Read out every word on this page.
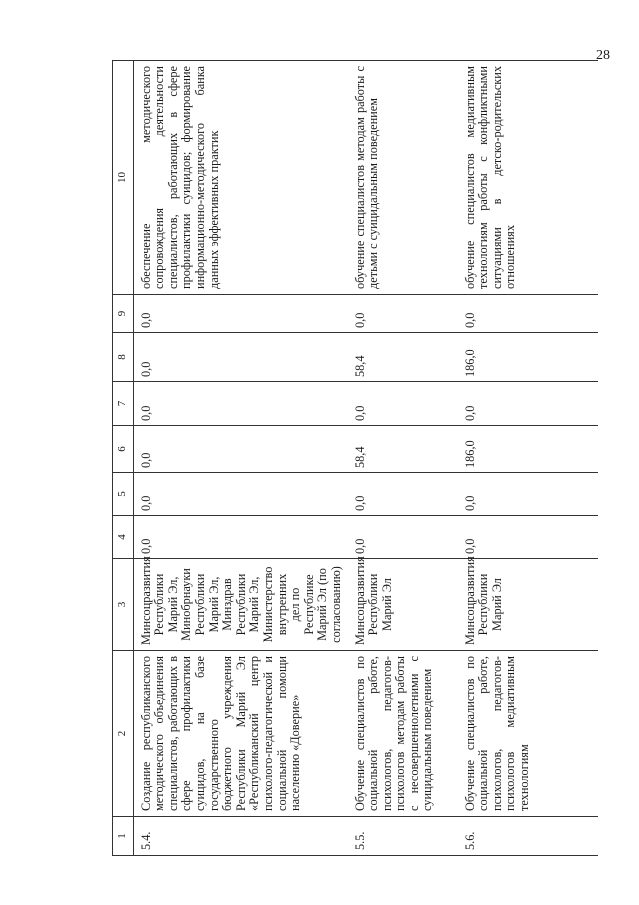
28
1	2	3	4	5	6	7	8	9	10
5.4.	Создание республиканского методического объединения специалистов, работающих в сфере профилактики суицидов, на базе государственного бюджетного учреждения Республики Марий Эл «Республиканский центр психолого-педагогической и социальной помощи населению «Доверие»	Минсоцразвития Республики Марий Эл, Минобрнауки Республики Марий Эл, Минздрав Республики Марий Эл, Министерство внутренних дел по Республике Марий Эл (по согласованию)	0,0	0,0	0,0	0,0	0,0	0,0	обеспечение методического сопровождения деятельности специалистов, работающих в сфере профилактики суицидов; формирование информационно-методического банка данных эффективных практик
5.5.	Обучение специалистов по социальной работе, психологов, педагогов-психологов методам работы с несовершеннолетними с суицидальным поведением	Минсоцразвития Республики Марий Эл	0,0	0,0	58,4	0,0	58,4	0,0	обучение специалистов методам работы с детьми с суицидальным поведением
5.6.	Обучение специалистов по социальной работе, психологов, педагогов-психологов медиативным технологиям	Минсоцразвития Республики Марий Эл	0,0	0,0	186,0	0,0	186,0	0,0	обучение специалистов медиативным технологиям работы с конфликтными ситуациями в детско-родительских отношениях
